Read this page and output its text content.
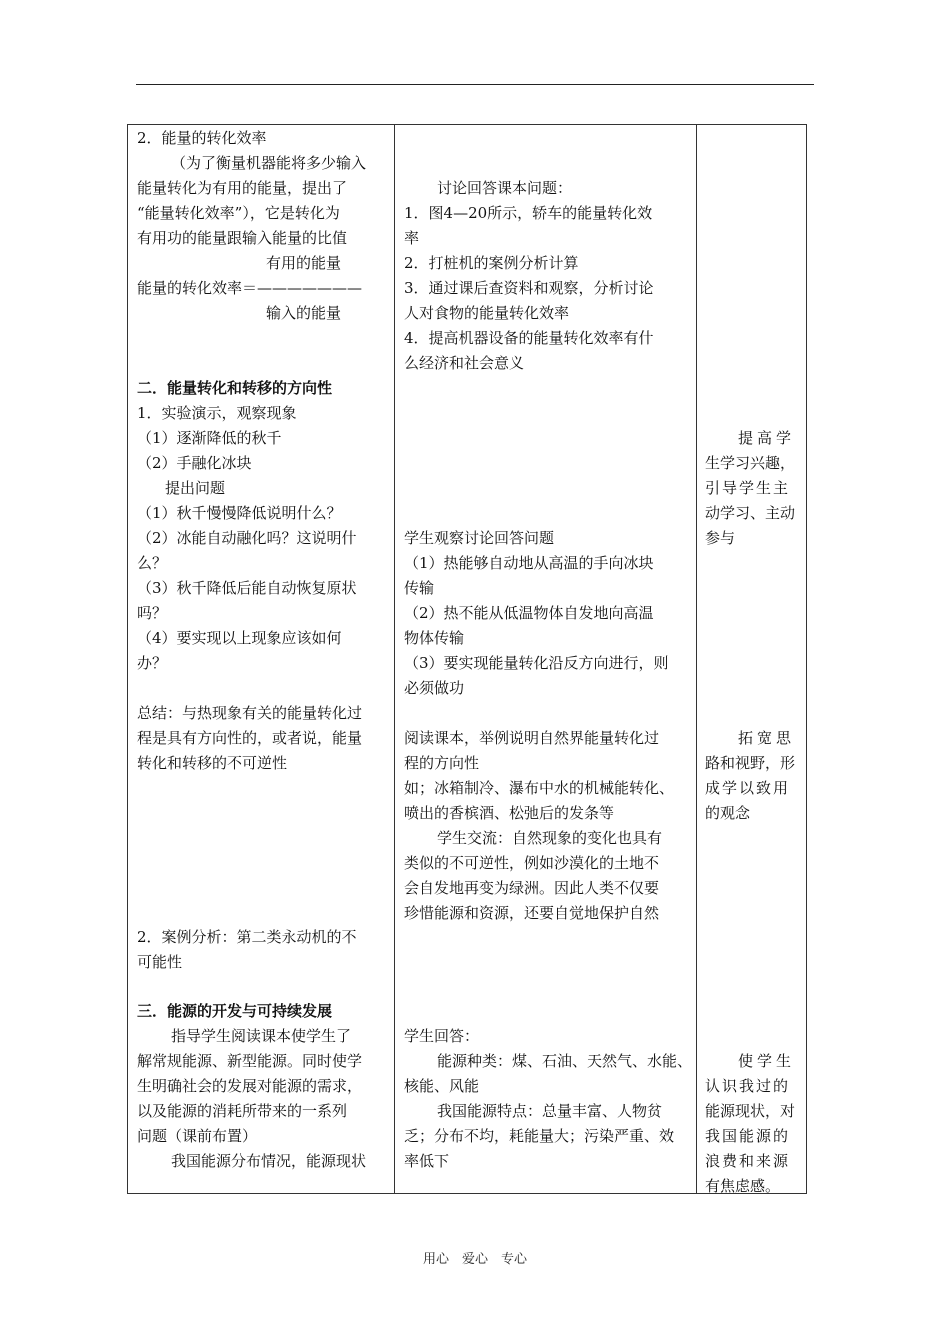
2．能量的转化效率
（为了衡量机器能将多少输入
能量转化为有用的能量，提出了
“能量转化效率”），它是转化为
有用功的能量跟输入能量的比值
有用的能量
能量的转化效率＝———————
输入的能量
二．能量转化和转移的方向性
1．实验演示，观察现象
（1）逐渐降低的秋千
（2）手融化冰块
提出问题
（1）秋千慢慢降低说明什么？
（2）冰能自动融化吗？这说明什
么？
（3）秋千降低后能自动恢复原状
吗？
（4）要实现以上现象应该如何
办？
总结：与热现象有关的能量转化过
程是具有方向性的，或者说，能量
转化和转移的不可逆性
2．案例分析：第二类永动机的不
可能性
三．能源的开发与可持续发展
指导学生阅读课本使学生了
解常规能源、新型能源。同时使学
生明确社会的发展对能源的需求，
以及能源的消耗所带来的一系列
问题（课前布置）
我国能源分布情况，能源现状
讨论回答课本问题：
1．图4—20所示，轿车的能量转化效
率
2．打桩机的案例分析计算
3．通过课后查资料和观察，分析讨论
人对食物的能量转化效率
4．提高机器设备的能量转化效率有什
么经济和社会意义
学生观察讨论回答问题
（1）热能够自动地从高温的手向冰块
传输
（2）热不能从低温物体自发地向高温
物体传输
（3）要实现能量转化沿反方向进行，则
必须做功
阅读课本，举例说明自然界能量转化过
程的方向性
如；冰箱制冷、瀑布中水的机械能转化、
喷出的香槟酒、松弛后的发条等
学生交流：自然现象的变化也具有
类似的不可逆性，例如沙漠化的土地不
会自发地再变为绿洲。因此人类不仅要
珍惜能源和资源，还要自觉地保护自然
学生回答：
能源种类：煤、石油、天然气、水能、
核能、风能
我国能源特点：总量丰富、人物贫
乏；分布不均，耗能量大；污染严重、效
率低下
提高学
生学习兴趣，
引导学生主
动学习、主动
参与
拓宽思
路和视野，形
成学以致用
的观念
使学生
认识我过的
能源现状，对
我国能源的
浪费和来源
有焦虑感。
用心　爱心　专心
